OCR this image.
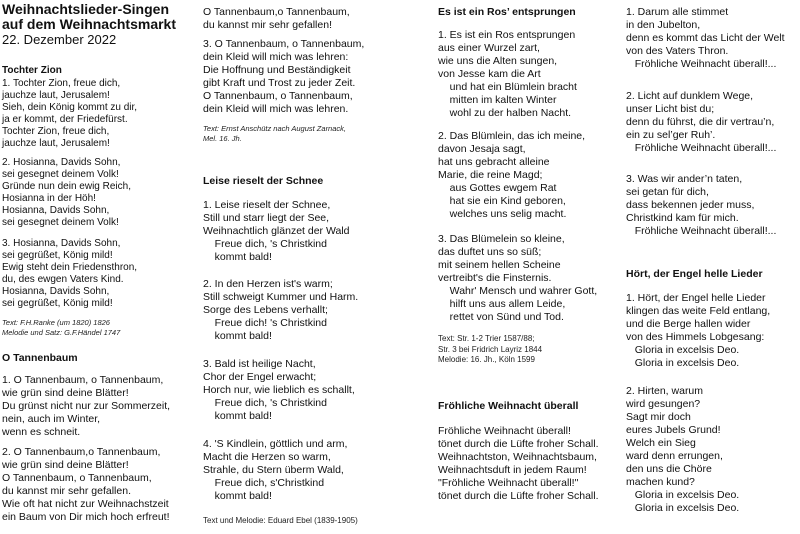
Weihnachtslieder-Singen

auf dem Weihnachtsmarkt

22. Dezember 2022

Tochter Zion

1. Tochter Zion, freue dich,
jauchze laut, Jerusalem!
Sieh, dein König kommt zu dir,
ja er kommt, der Friedefürst.
Tochter Zion, freue dich,
jauchze laut, Jerusalem!

2. Hosianna, Davids Sohn,
sei gesegnet deinem Volk!
Gründe nun dein ewig Reich,
Hosianna in der Höh!
Hosianna, Davids Sohn,
sei gesegnet deinem Volk!

3. Hosianna, Davids Sohn,
sei gegrüßet, König mild!
Ewig steht dein Friedensthron,
du, des ewgen Vaters Kind.
Hosianna, Davids Sohn,
sei gegrüßet, König mild!

Text: F.H.Ranke (um 1820) 1826
Melodie und Satz: G.F.Händel 1747

O Tannenbaum

1. O Tannenbaum, o Tannenbaum,
wie grün sind deine Blätter!
Du grünst nicht nur zur Sommerzeit,
nein, auch im Winter,
wenn es schneit.

2. O Tannenbaum,o Tannenbaum,
wie grün sind deine Blätter!
O Tannenbaum, o Tannenbaum,
du kannst mir sehr gefallen.
Wie oft hat nicht zur Weihnachstzeit
ein Baum von Dir mich hoch erfreut!

O Tannenbaum,o Tannenbaum,
du kannst mir sehr gefallen!

3. O Tannenbaum, o Tannenbaum,
dein Kleid will mich was lehren:
Die Hoffnung und Beständigkeit
gibt Kraft und Trost zu jeder Zeit.
O Tannenbaum, o Tannenbaum,
dein Kleid will mich was lehren.

Text: Ernst Anschütz nach August Zarnack,
Mel. 16. Jh.

Leise rieselt der Schnee

1. Leise rieselt der Schnee,
Still und starr liegt der See,
Weihnachtlich glänzet der Wald
Freue dich, 's Christkind
kommt bald!

2. In den Herzen ist's warm;
Still schweigt Kummer und Harm.
Sorge des Lebens verhallt;
Freue dich! 's Christkind
kommt bald!

3. Bald ist heilige Nacht,
Chor der Engel erwacht;
Horch nur, wie lieblich es schallt,
Freue dich, 's Christkind
kommt bald!

4. 'S Kindlein, göttlich und arm,
Macht die Herzen so warm,
Strahle, du Stern überm Wald,
Freue dich, s'Christkind
kommt bald!

Text und Melodie: Eduard Ebel (1839-1905)

Es ist ein Ros’ entsprungen

1. Es ist ein Ros entsprungen
aus einer Wurzel zart,
wie uns die Alten sungen,
von Jesse kam die Art
und hat ein Blümlein bracht
mitten im kalten Winter
wohl zu der halben Nacht.

2. Das Blümlein, das ich meine,
davon Jesaja sagt,
hat uns gebracht alleine
Marie, die reine Magd;
aus Gottes ewgem Rat
hat sie ein Kind geboren,
welches uns selig macht.

3. Das Blümelein so kleine,
das duftet uns so süß;
mit seinem hellen Scheine
vertreibt's die Finsternis.
Wahr' Mensch und wahrer Gott,
hilft uns aus allem Leide,
rettet von Sünd und Tod.

Text: Str. 1-2 Trier 1587/88;
Str. 3 bei Fridrich Layriz 1844
Melodie: 16. Jh., Köln 1599

Fröhliche Weihnacht überall

Fröhliche Weihnacht überall!
tönet durch die Lüfte froher Schall.
Weihnachtston, Weihnachtsbaum,
Weihnachtsduft in jedem Raum!
"Fröhliche Weihnacht überall!"
tönet durch die Lüfte froher Schall.

1. Darum alle stimmet
in den Jubelton,
denn es kommt das Licht der Welt
von des Vaters Thron.
Fröhliche Weihnacht überall!...

2. Licht auf dunklem Wege,
unser Licht bist du;
denn du führst, die dir vertrau’n,
ein zu sel’ger Ruh’.
Fröhliche Weihnacht überall!...

3. Was wir ander’n taten,
sei getan für dich,
dass bekennen jeder muss,
Christkind kam für mich.
Fröhliche Weihnacht überall!...

Hört, der Engel helle Lieder

1. Hört, der Engel helle Lieder
klingen das weite Feld entlang,
und die Berge hallen wider
von des Himmels Lobgesang:
Gloria in excelsis Deo.
Gloria in excelsis Deo.

2. Hirten, warum
wird gesungen?
Sagt mir doch
eures Jubels Grund!
Welch ein Sieg
ward denn errungen,
den uns die Chöre
machen kund?
Gloria in excelsis Deo.
Gloria in excelsis Deo.
